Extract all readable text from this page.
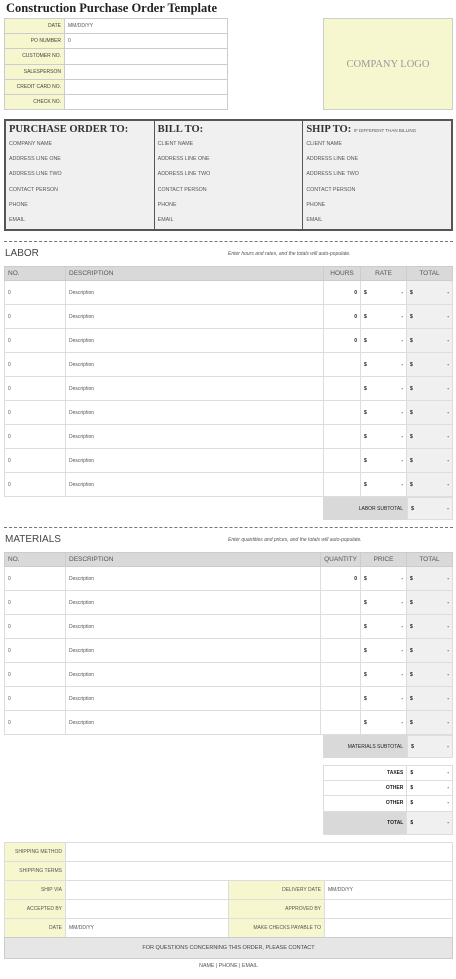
Construction Purchase Order Template
DATE	MM/DD/YY
PO NUMBER	0
CUSTOMER NO.	
SALESPERSON	
CREDIT CARD NO.	
CHECK NO.	
COMPANY LOGO
PURCHASE ORDER TO:
COMPANY NAME
ADDRESS LINE ONE
ADDRESS LINE TWO
CONTACT PERSON
PHONE
EMAIL
BILL TO:
CLIENT NAME
ADDRESS LINE ONE
ADDRESS LINE TWO
CONTACT PERSON
PHONE
EMAIL
SHIP TO: IF DIFFERENT THAN BILLING
CLIENT NAME
ADDRESS LINE ONE
ADDRESS LINE TWO
CONTACT PERSON
PHONE
EMAIL
LABOR	Enter hours and rates, and the totals will auto-populate.
NO.	DESCRIPTION	HOURS	RATE	TOTAL
0	Description	0	$ -	$ -

0	Description	0	$ -	$ -

0	Description	0	$ -	$ -

0	Description		$ -	$ -

0	Description		$ -	$ -

0	Description		$ -	$ -

0	Description		$ -	$ -

0	Description		$ -	$ -

0	Description		$ -	$ -
LABOR SUBTOTAL	$	-
MATERIALS	Enter quantities and prices, and the totals will auto-populate.
NO.	DESCRIPTION	QUANTITY	PRICE	TOTAL
0	Description	0	$ -	$ -

0	Description		$ -	$ -

0	Description		$ -	$ -

0	Description		$ -	$ -

0	Description		$ -	$ -

0	Description		$ -	$ -

0	Description		$ -	$ -
MATERIALS SUBTOTAL	$	-
TAXES	$ -

OTHER	$ -

OTHER	$ -

TOTAL	$ -
SHIPPING METHOD			
SHIPPING TERMS			
SHIP VIA		DELIVERY DATE	MM/DD/YY
ACCEPTED BY		APPROVED BY	
DATE	MM/DD/YY	MAKE CHECKS PAYABLE TO	
FOR QUESTIONS CONCERNING THIS ORDER, PLEASE CONTACT
NAME | PHONE | EMAIL
